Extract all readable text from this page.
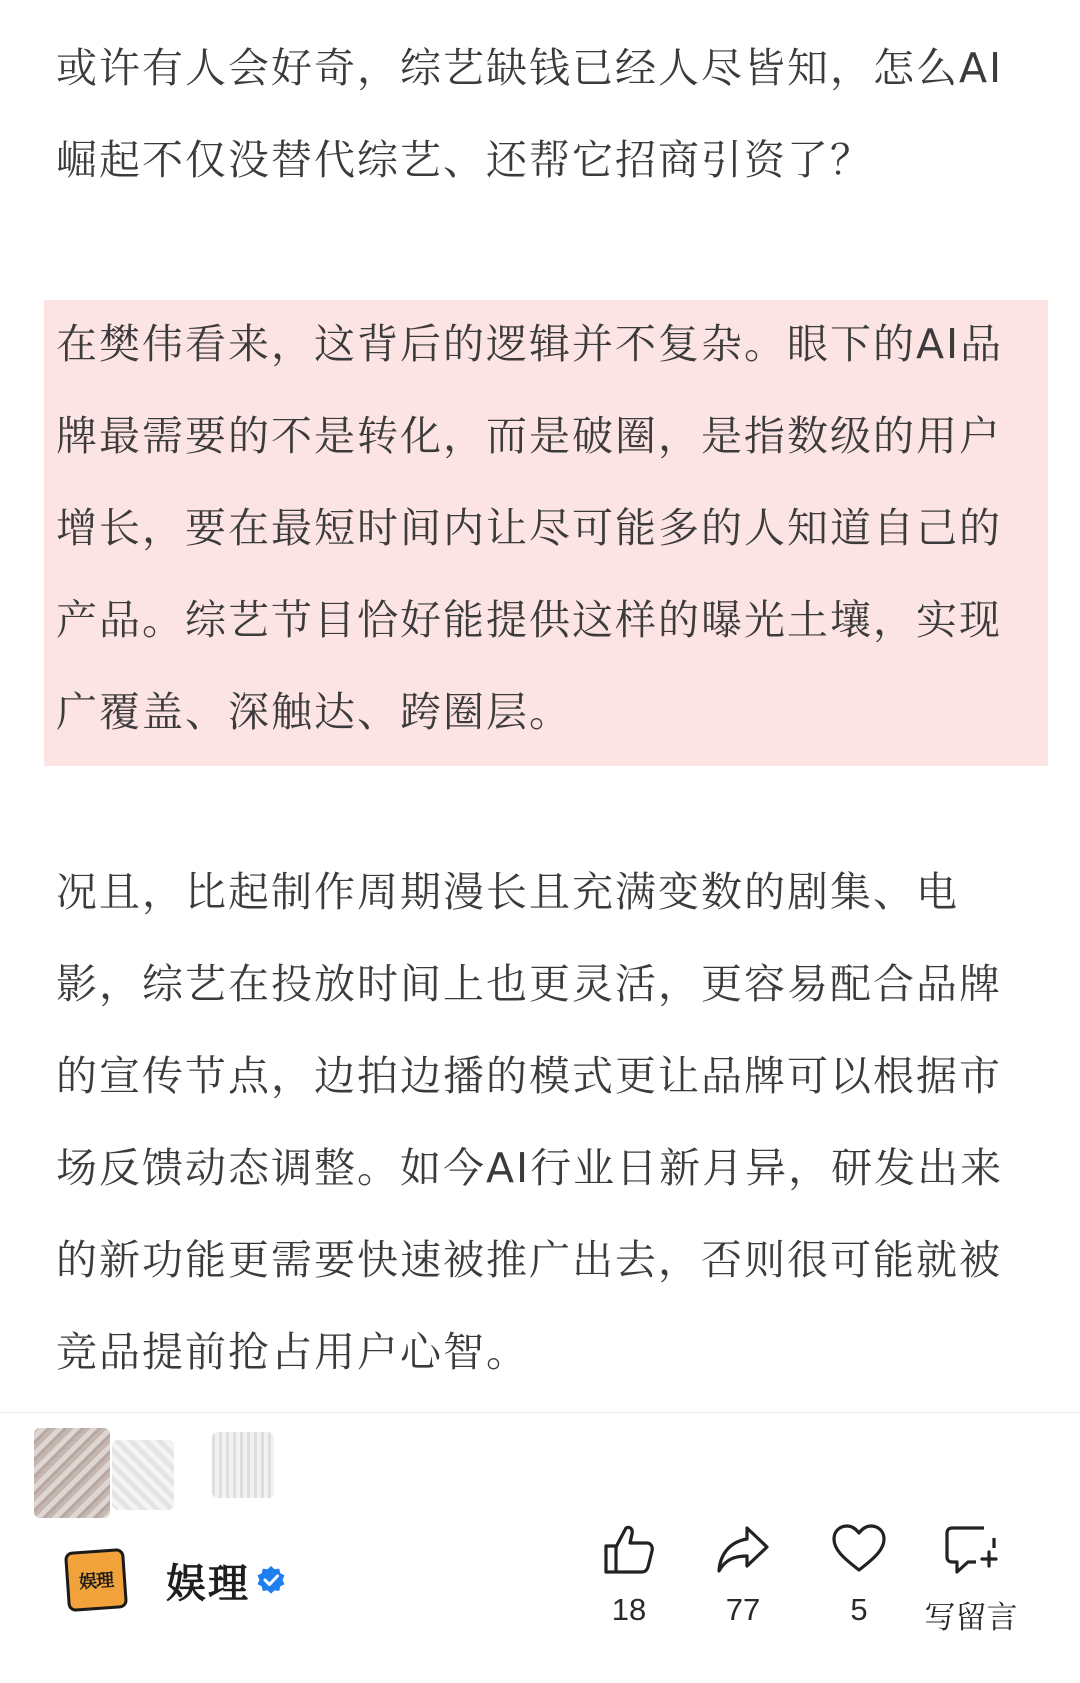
或许有人会好奇，综艺缺钱已经人尽皆知，怎么AI崛起不仅没替代综艺、还帮它招商引资了？

在樊伟看来，这背后的逻辑并不复杂。眼下的AI品牌最需要的不是转化，而是破圈，是指数级的用户增长，要在最短时间内让尽可能多的人知道自己的产品。综艺节目恰好能提供这样的曝光土壤，实现广覆盖、深触达、跨圈层。

况且，比起制作周期漫长且充满变数的剧集、电影，综艺在投放时间上也更灵活，更容易配合品牌的宣传节点，边拍边播的模式更让品牌可以根据市场反馈动态调整。如今AI行业日新月异，研发出来的新功能更需要快速被推广出去，否则很可能就被竞品提前抢占用户心智。

娱理	娱理
18	77	5	写留言
